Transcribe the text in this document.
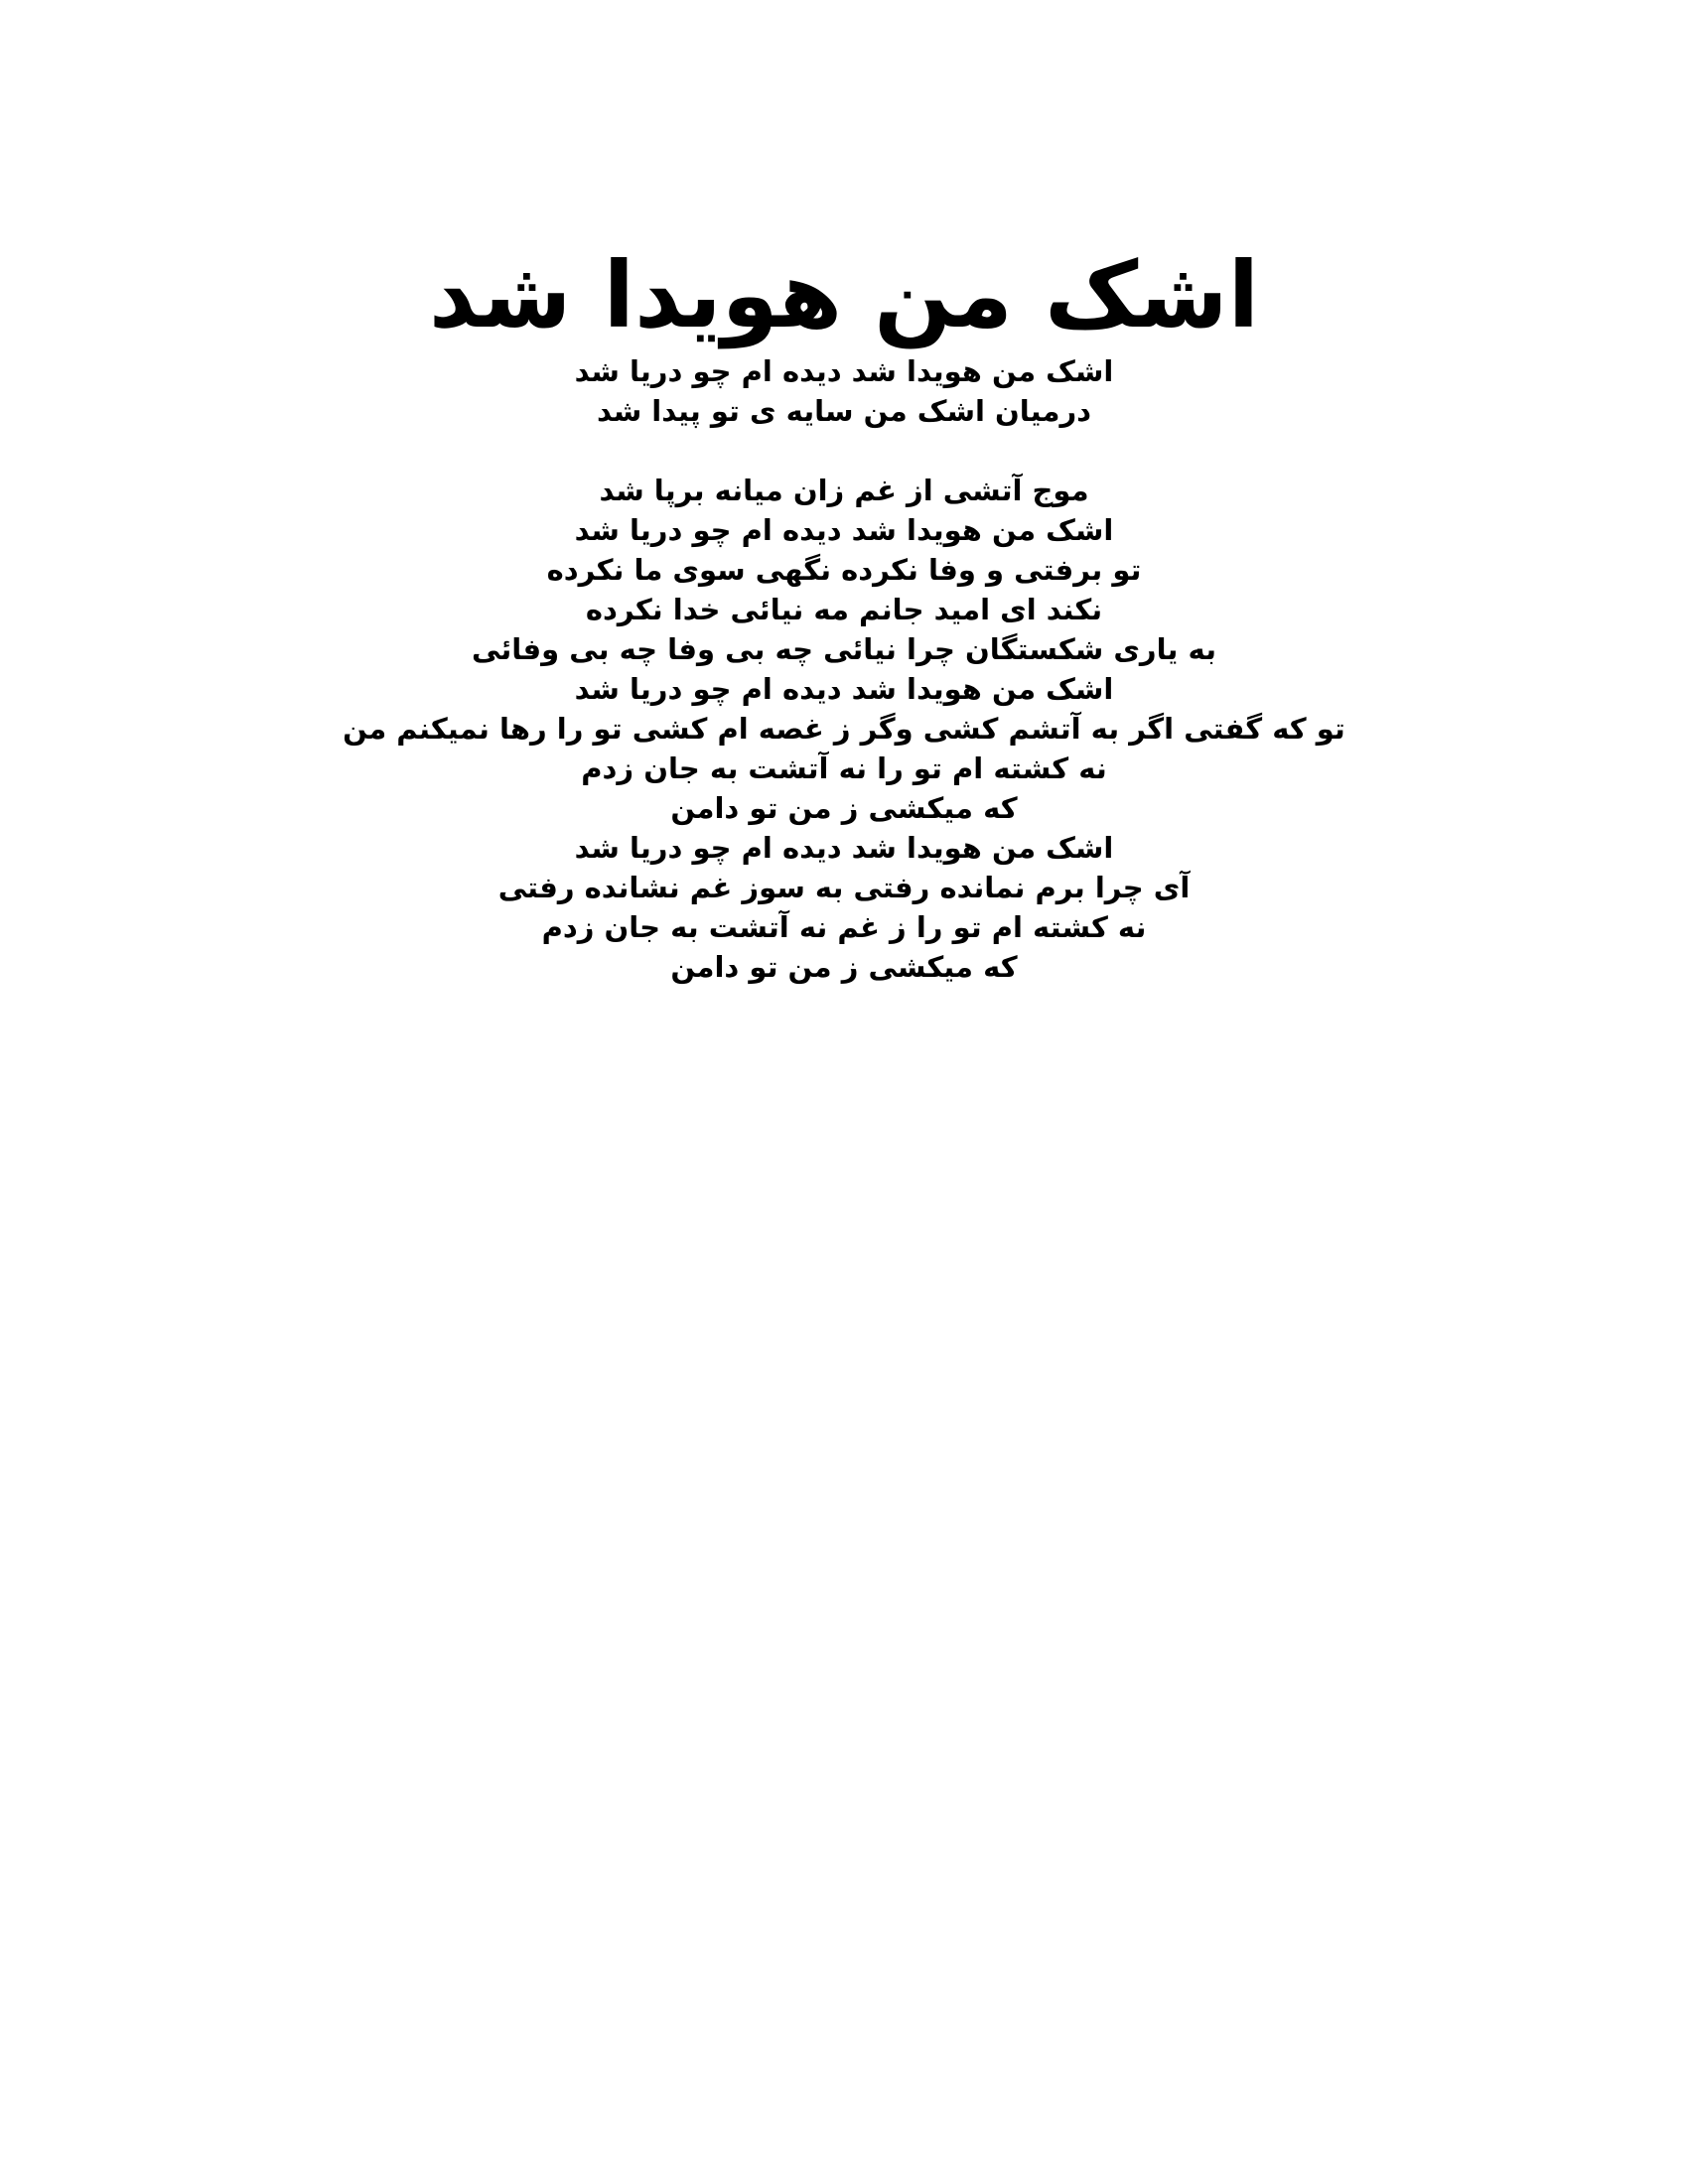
اشک من هویدا شد
اشک من هویدا شد دیده ام چو دریا شد
درمیان اشک من سایه ی تو پیدا شد
موج آتشی از غم زان میانه برپا شد
اشک من هویدا شد دیده ام چو دریا شد
تو برفتی و وفا نکرده نگهی سوی ما نکرده
نکند ای امید جانم مه نیائی خدا نکرده
به یاری شکستگان چرا نیائی چه بی وفا چه بی وفائی
اشک من هویدا شد دیده ام چو دریا شد
تو که گفتی اگر به آتشم کشی وگر ز غصه ام کشی تو را رها نمیکنم من
نه کشته ام تو را نه آتشت به جان زدم
که میکشی ز من تو دامن
اشک من هویدا شد دیده ام چو دریا شد
آی چرا برم نمانده رفتی به سوز غم نشانده رفتی
نه کشته ام تو را ز غم نه آتشت به جان زدم
که میکشی ز من تو دامن
